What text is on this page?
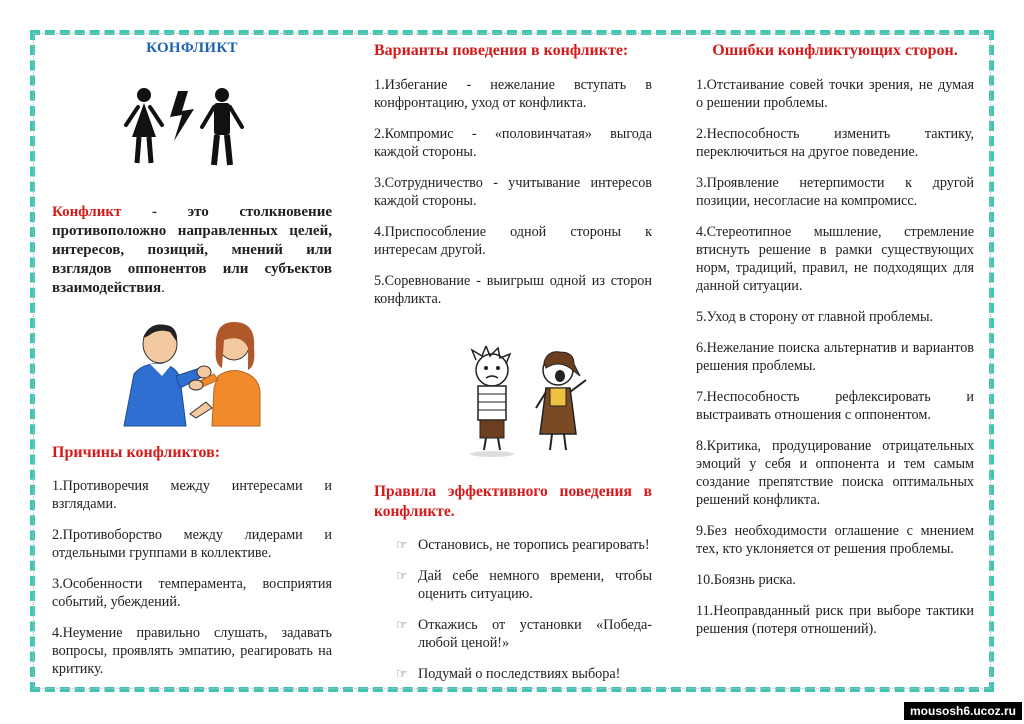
КОНФЛИКТ

Конфликт - это столкновение противоположно направленных целей, интересов, позиций, мнений или взглядов оппонентов или субъектов взаимодействия.

Причины конфликтов:

1.Противоречия между интересами и взглядами.

2.Противоборство между лидерами и отдельными группами в коллективе.

3.Особенности темперамента, восприятия событий, убеждений.

4.Неумение правильно слушать, задавать вопросы, проявлять эмпатию, реагировать на критику.

Варианты поведения в конфликте:

1.Избегание - нежелание вступать в конфронтацию, уход от конфликта.

2.Компромис - «половинчатая» выгода каждой стороны.

3.Сотрудничество - учитывание интересов каждой стороны.

4.Приспособление одной стороны к интересам другой.

5.Соревнование - выигрыш одной из сторон конфликта.

Правила эффективного поведения в конфликте.

☞ Остановись, не торопись реагировать!

☞ Дай себе немного времени, чтобы оценить ситуацию.

☞ Откажись от установки «Победа-любой ценой!»

☞ Подумай о последствиях выбора!

Ошибки конфликтующих сторон.

1.Отстаивание совей точки зрения, не думая о решении проблемы.

2.Неспособность изменить тактику, переключиться на другое поведение.

3.Проявление нетерпимости к другой позиции, несогласие на компромисс.

4.Стереотипное мышление, стремление втиснуть решение в рамки существующих норм, традиций, правил, не подходящих для данной ситуации.

5.Уход в сторону от главной проблемы.

6.Нежелание поиска альтернатив и вариантов решения проблемы.

7.Неспособность рефлексировать и выстраивать отношения с оппонентом.

8.Критика, продуцирование отрицательных эмоций у себя и оппонента и тем самым создание препятствие поиска оптимальных решений конфликта.

9.Без необходимости оглашение с мнением тех, кто уклоняется от решения проблемы.

10.Боязнь риска.

11.Неоправданный риск при выборе тактики решения (потеря отношений).

mousosh6.ucoz.ru
